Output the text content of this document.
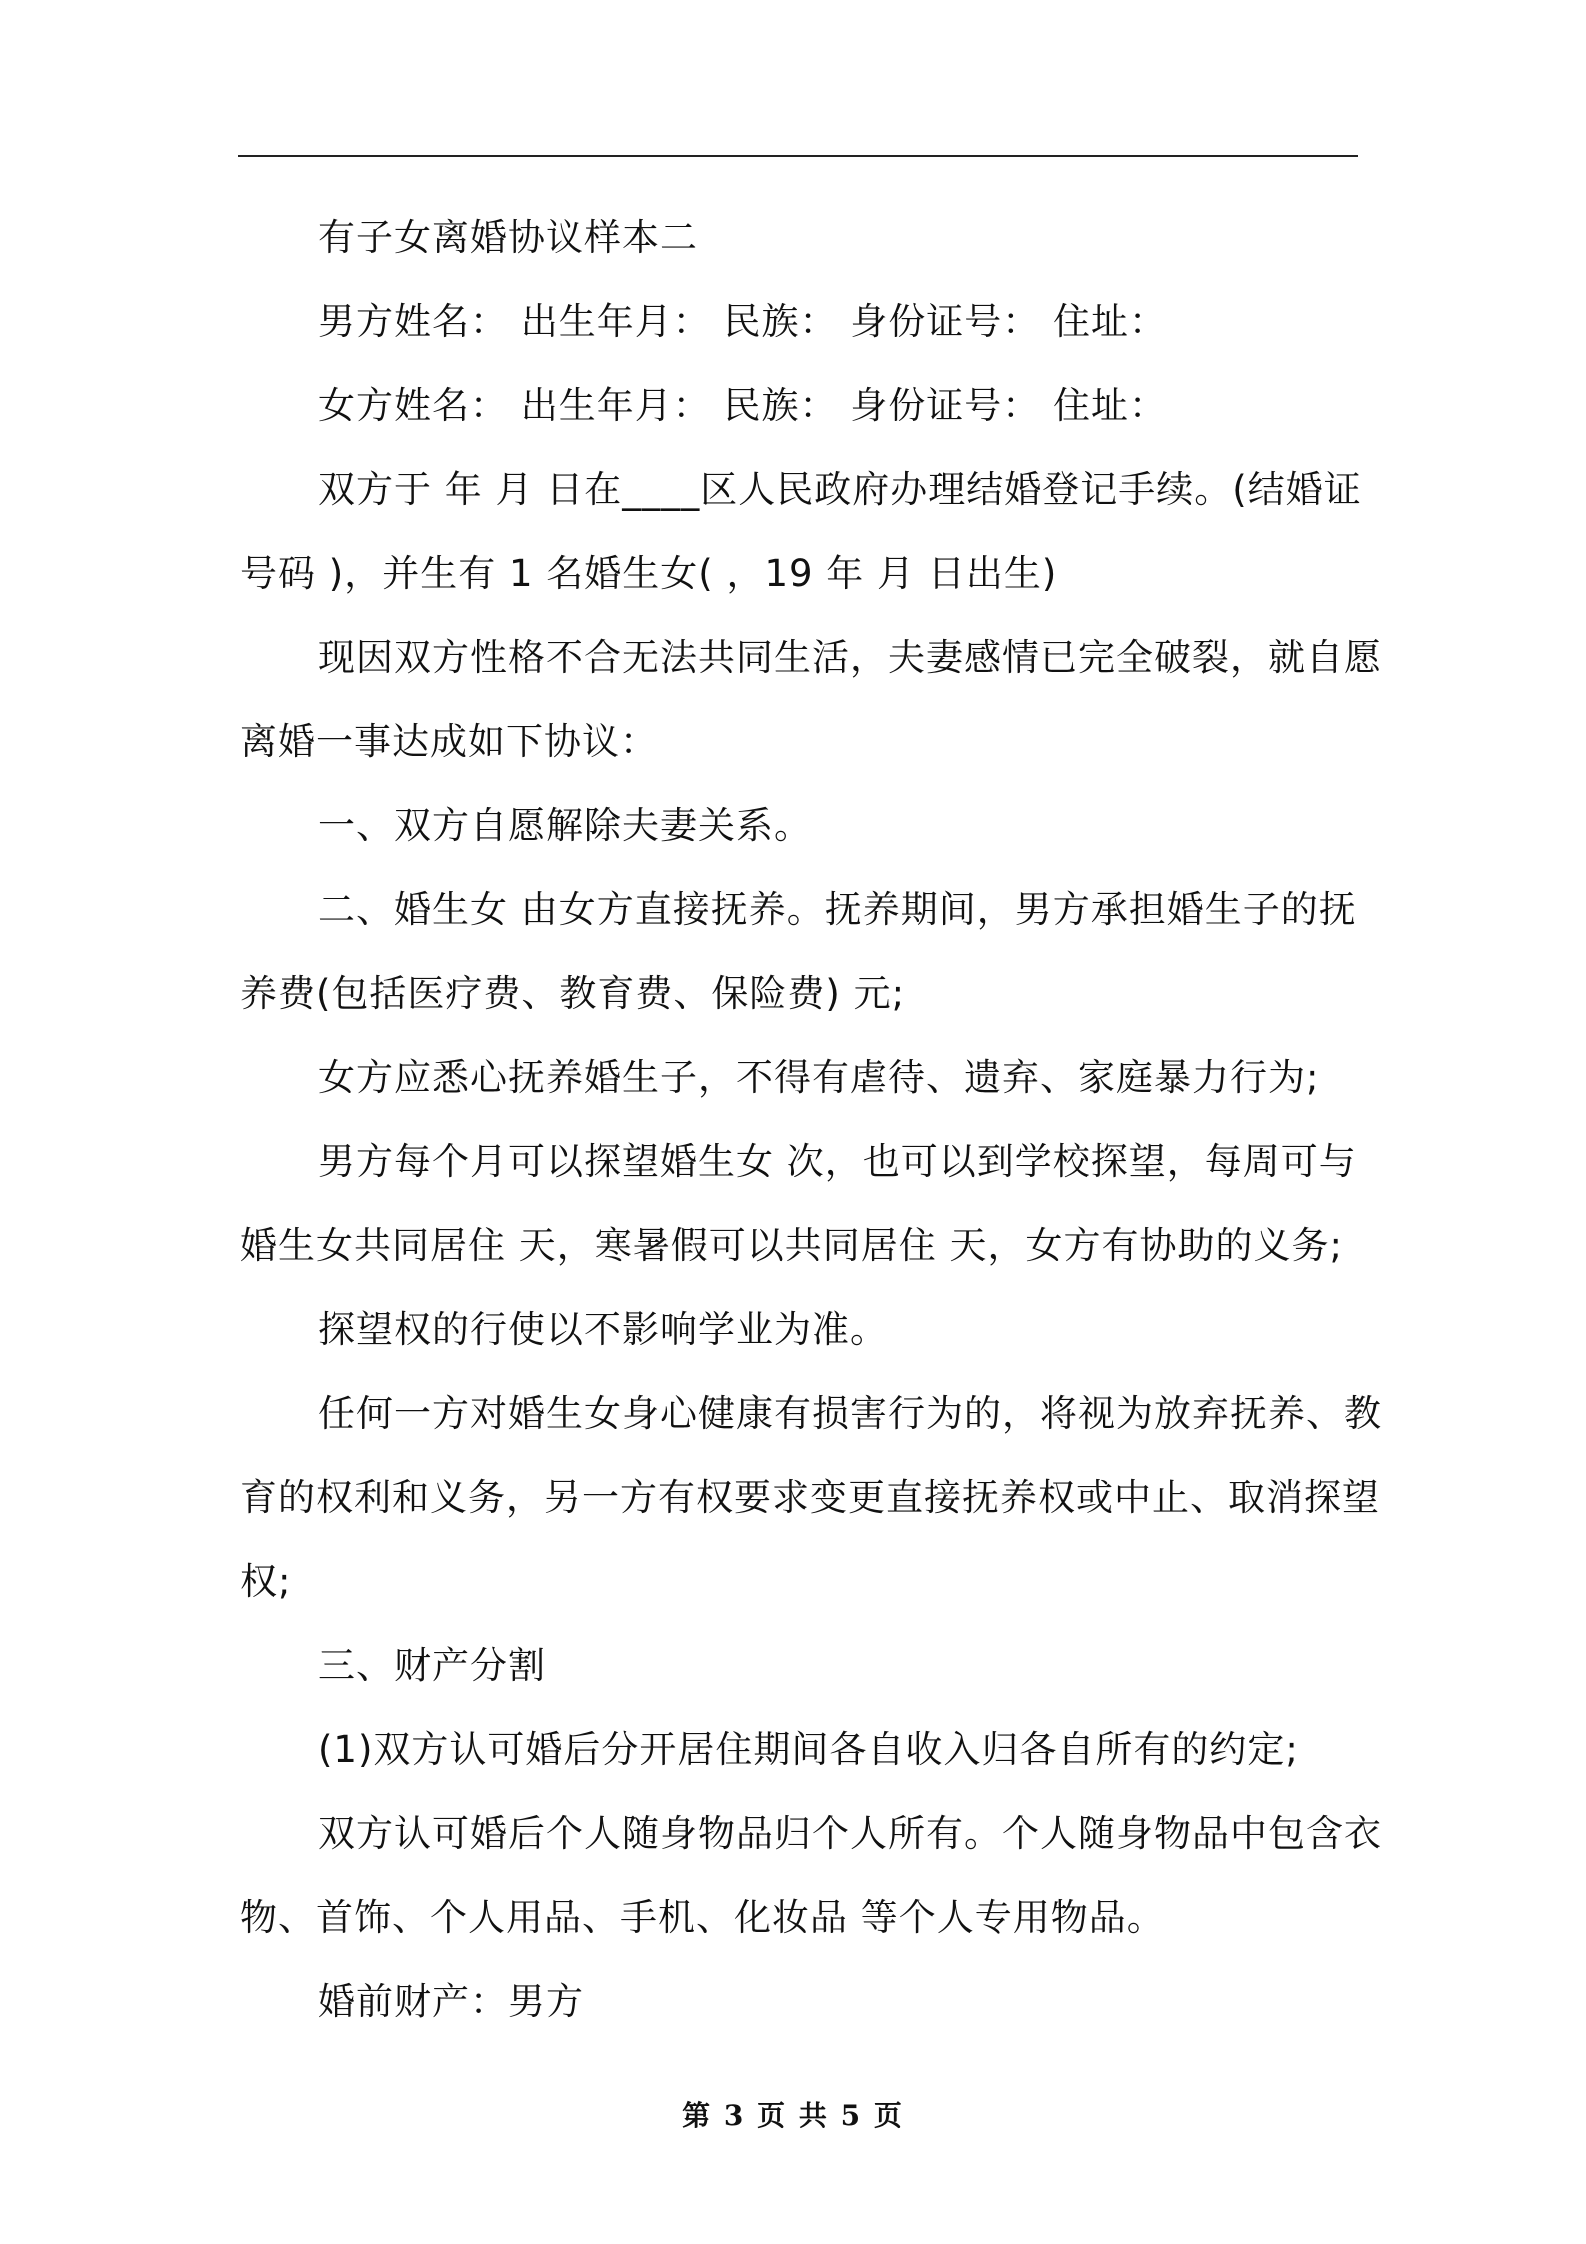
有子女离婚协议样本二

男方姓名： 出生年月： 民族： 身份证号： 住址：

女方姓名： 出生年月： 民族： 身份证号： 住址：

双方于 年 月 日在____区人民政府办理结婚登记手续。(结婚证

号码 )，并生有 1 名婚生女( ，19 年 月 日出生)

现因双方性格不合无法共同生活，夫妻感情已完全破裂，就自愿

离婚一事达成如下协议：

一、双方自愿解除夫妻关系。

二、婚生女 由女方直接抚养。抚养期间，男方承担婚生子的抚

养费(包括医疗费、教育费、保险费) 元;

女方应悉心抚养婚生子，不得有虐待、遗弃、家庭暴力行为;

男方每个月可以探望婚生女 次，也可以到学校探望，每周可与

婚生女共同居住 天，寒暑假可以共同居住 天，女方有协助的义务;

探望权的行使以不影响学业为准。

任何一方对婚生女身心健康有损害行为的，将视为放弃抚养、教

育的权利和义务，另一方有权要求变更直接抚养权或中止、取消探望

权;

三、财产分割

(1)双方认可婚后分开居住期间各自收入归各自所有的约定;

双方认可婚后个人随身物品归个人所有。个人随身物品中包含衣

物、首饰、个人用品、手机、化妆品 等个人专用物品。

婚前财产：男方

第 3 页 共 5 页
